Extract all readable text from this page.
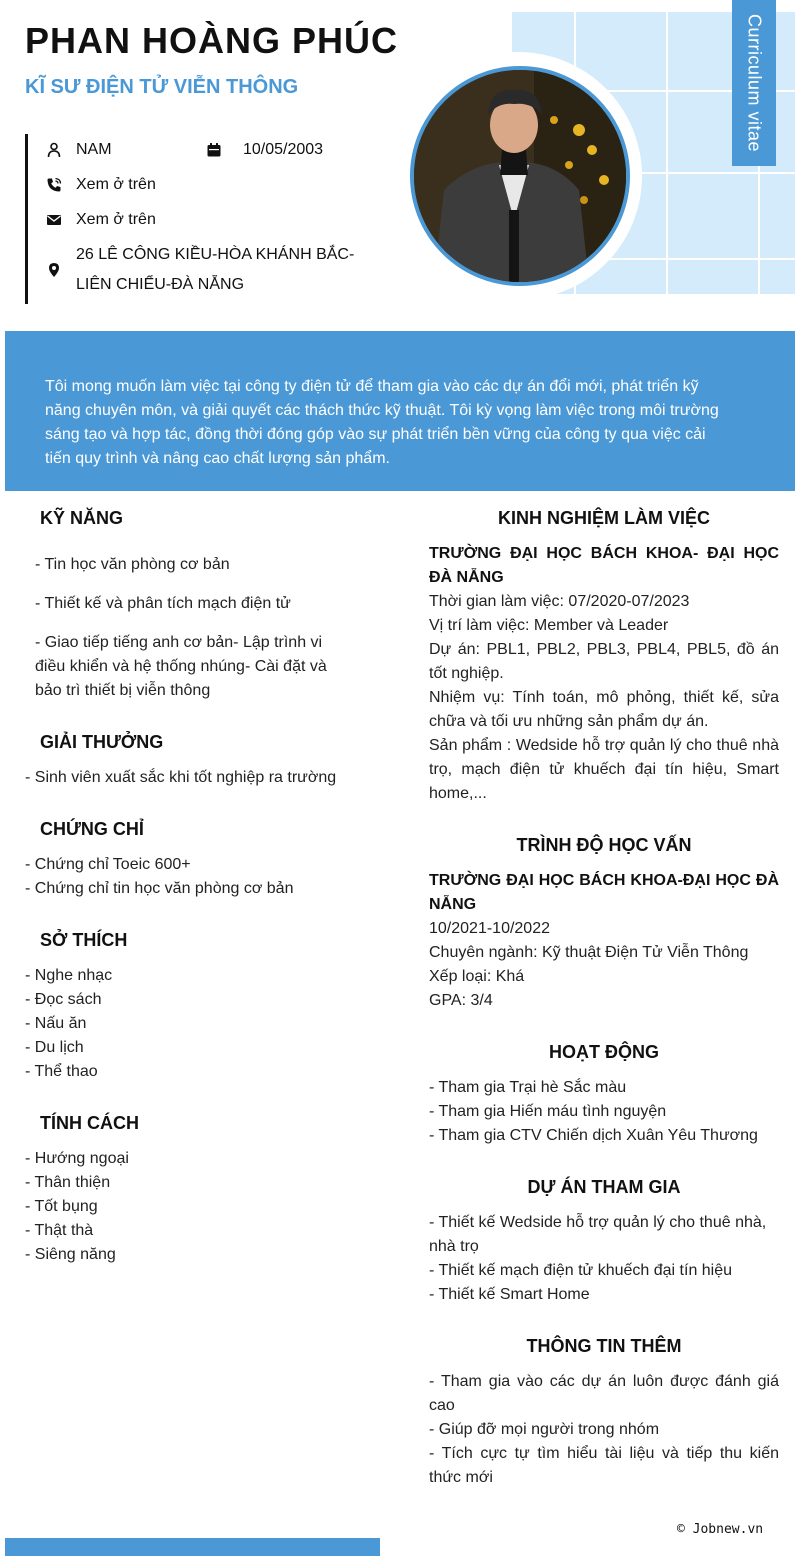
PHAN HOÀNG PHÚC
KĨ SƯ ĐIỆN TỬ VIỄN THÔNG	Curriculum vitae
NAM	10/05/2003
Xem ở trên
Xem ở trên
26 LÊ CÔNG KIỀU-HÒA KHÁNH BẮC-
LIÊN CHIỂU-ĐÀ NẴNG
Tôi mong muốn làm việc tại công ty điện tử để tham gia vào các dự án đổi mới, phát triển kỹ
năng chuyên môn, và giải quyết các thách thức kỹ thuật. Tôi kỳ vọng làm việc trong môi trường
sáng tạo và hợp tác, đồng thời đóng góp vào sự phát triển bền vững của công ty qua việc cải
tiến quy trình và nâng cao chất lượng sản phẩm.
KỸ NĂNG
- Tin học văn phòng cơ bản
- Thiết kế và phân tích mạch điện tử
- Giao tiếp tiếng anh cơ bản- Lập trình vi điều khiển và hệ thống nhúng- Cài đặt và bảo trì thiết bị viễn thông
GIẢI THƯỞNG
- Sinh viên xuất sắc khi tốt nghiệp ra trường
CHỨNG CHỈ
- Chứng chỉ Toeic 600+
- Chứng chỉ tin học văn phòng cơ bản
SỞ THÍCH
- Nghe nhạc
- Đọc sách
- Nấu ăn
- Du lịch
- Thể thao
TÍNH CÁCH
- Hướng ngoại
- Thân thiện
- Tốt bụng
- Thật thà
- Siêng năng
KINH NGHIỆM LÀM VIỆC
TRƯỜNG ĐẠI HỌC BÁCH KHOA- ĐẠI HỌC ĐÀ NẴNG
Thời gian làm việc: 07/2020-07/2023
Vị trí làm việc: Member và Leader
Dự án: PBL1, PBL2, PBL3, PBL4, PBL5, đồ án tốt nghiệp.
Nhiệm vụ: Tính toán, mô phỏng, thiết kế, sửa chữa và tối ưu những sản phẩm dự án.
Sản phẩm : Wedside hỗ trợ quản lý cho thuê nhà trọ, mạch điện tử khuếch đại tín hiệu, Smart home,...
TRÌNH ĐỘ HỌC VẤN
TRƯỜNG ĐẠI HỌC BÁCH KHOA-ĐẠI HỌC ĐÀ NẴNG
10/2021-10/2022
Chuyên ngành: Kỹ thuật Điện Tử Viễn Thông
Xếp loại: Khá
GPA: 3/4
HOẠT ĐỘNG
- Tham gia Trại hè Sắc màu
- Tham gia Hiến máu tình nguyện
- Tham gia CTV Chiến dịch Xuân Yêu Thương
DỰ ÁN THAM GIA
- Thiết kế Wedside hỗ trợ quản lý cho thuê nhà, nhà trọ
- Thiết kế mạch điện tử khuếch đại tín hiệu
- Thiết kế Smart Home
THÔNG TIN THÊM
- Tham gia vào các dự án luôn được đánh giá cao
- Giúp đỡ mọi người trong nhóm
- Tích cực tự tìm hiểu tài liệu và tiếp thu kiến thức mới
© Jobnew.vn
